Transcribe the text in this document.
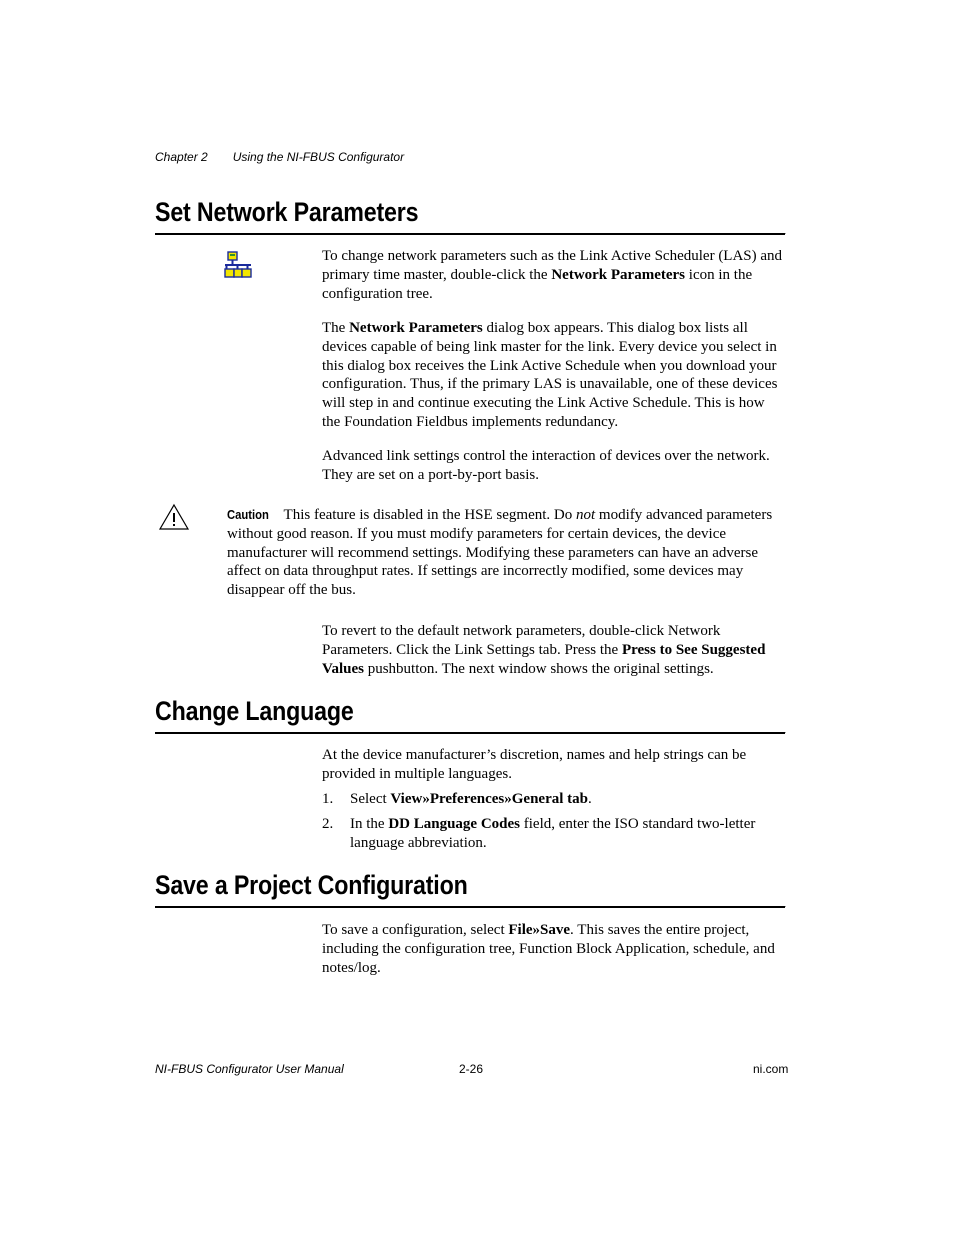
Chapter 2 Using the NI-FBUS Configurator
Set Network Parameters

To change network parameters such as the Link Active Scheduler (LAS) and primary time master, double-click the Network Parameters icon in the configuration tree.

The Network Parameters dialog box appears. This dialog box lists all devices capable of being link master for the link. Every device you select in this dialog box receives the Link Active Schedule when you download your configuration. Thus, if the primary LAS is unavailable, one of these devices will step in and continue executing the Link Active Schedule. This is how the Foundation Fieldbus implements redundancy.

Advanced link settings control the interaction of devices over the network. They are set on a port-by-port basis.
Caution This feature is disabled in the HSE segment. Do not modify advanced parameters without good reason. If you must modify parameters for certain devices, the device manufacturer will recommend settings. Modifying these parameters can have an adverse affect on data throughput rates. If settings are incorrectly modified, some devices may disappear off the bus.

To revert to the default network parameters, double-click Network Parameters. Click the Link Settings tab. Press the Press to See Suggested Values pushbutton. The next window shows the original settings.

Change Language
At the device manufacturer’s discretion, names and help strings can be provided in multiple languages.
1.	Select View»Preferences»General tab.
2.	In the DD Language Codes field, enter the ISO standard two-letter language abbreviation.
Save a Project Configuration

To save a configuration, select File»Save. This saves the entire project, including the configuration tree, Function Block Application, schedule, and notes/log.

NI-FBUS Configurator User Manual	2-26	ni.com
